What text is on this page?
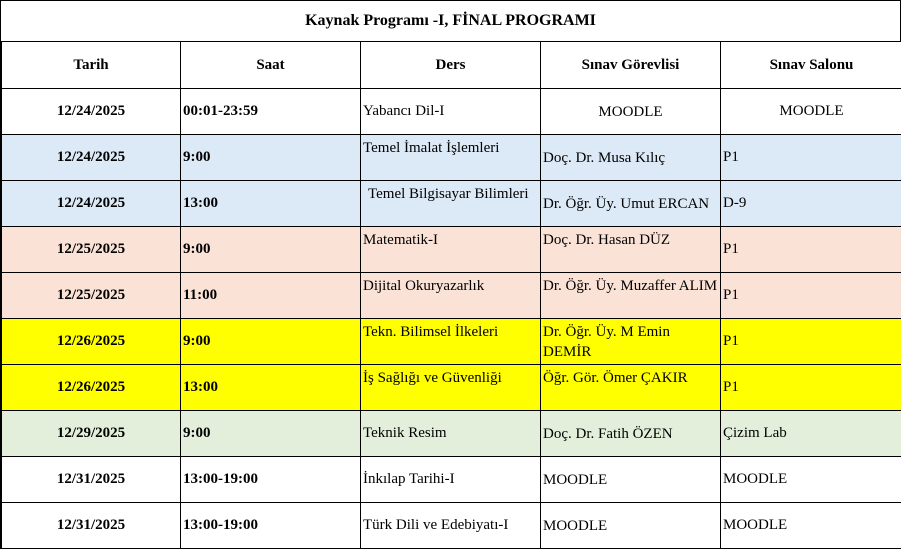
Kaynak Programı -I, FİNAL PROGRAMI
Tarih	Saat	Ders	Sınav Görevlisi	Sınav Salonu
12/24/2025	00:01-23:59	Yabancı Dil-I	MOODLE	MOODLE
12/24/2025	9:00	Temel İmalat İşlemleri	Doç. Dr. Musa Kılıç	P1
12/24/2025	13:00	Temel Bilgisayar Bilimleri	Dr. Öğr. Üy. Umut ERCAN	D-9
12/25/2025	9:00	Matematik-I	Doç. Dr. Hasan DÜZ	P1
12/25/2025	11:00	Dijital Okuryazarlık	Dr. Öğr. Üy. Muzaffer ALIM	P1
12/26/2025	9:00	Tekn. Bilimsel İlkeleri	Dr. Öğr. Üy. M Emin DEMİR	P1
12/26/2025	13:00	İş Sağlığı ve Güvenliği	Öğr. Gör. Ömer ÇAKIR	P1
12/29/2025	9:00	Teknik Resim	Doç. Dr. Fatih ÖZEN	Çizim Lab
12/31/2025	13:00-19:00	İnkılap Tarihi-I	MOODLE	MOODLE
12/31/2025	13:00-19:00	Türk Dili ve Edebiyatı-I	MOODLE	MOODLE
